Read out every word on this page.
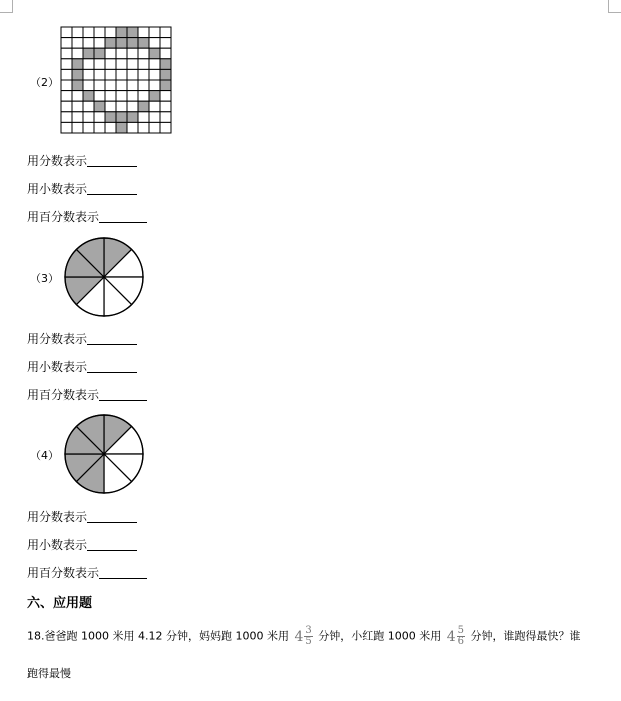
（2）
用分数表示
用小数表示
用百分数表示
（3）
用分数表示
用小数表示
用百分数表示
（4）
用分数表示
用小数表示
用百分数表示
六、应用题
18.爸爸跑 1000 米用 4.12 分钟，妈妈跑 1000 米用 $4 \frac{3}{5}$ 分钟，小红跑 1000 米用 $4 \frac{5}{6}$ 分钟，谁跑得最快？谁
跑得最慢
